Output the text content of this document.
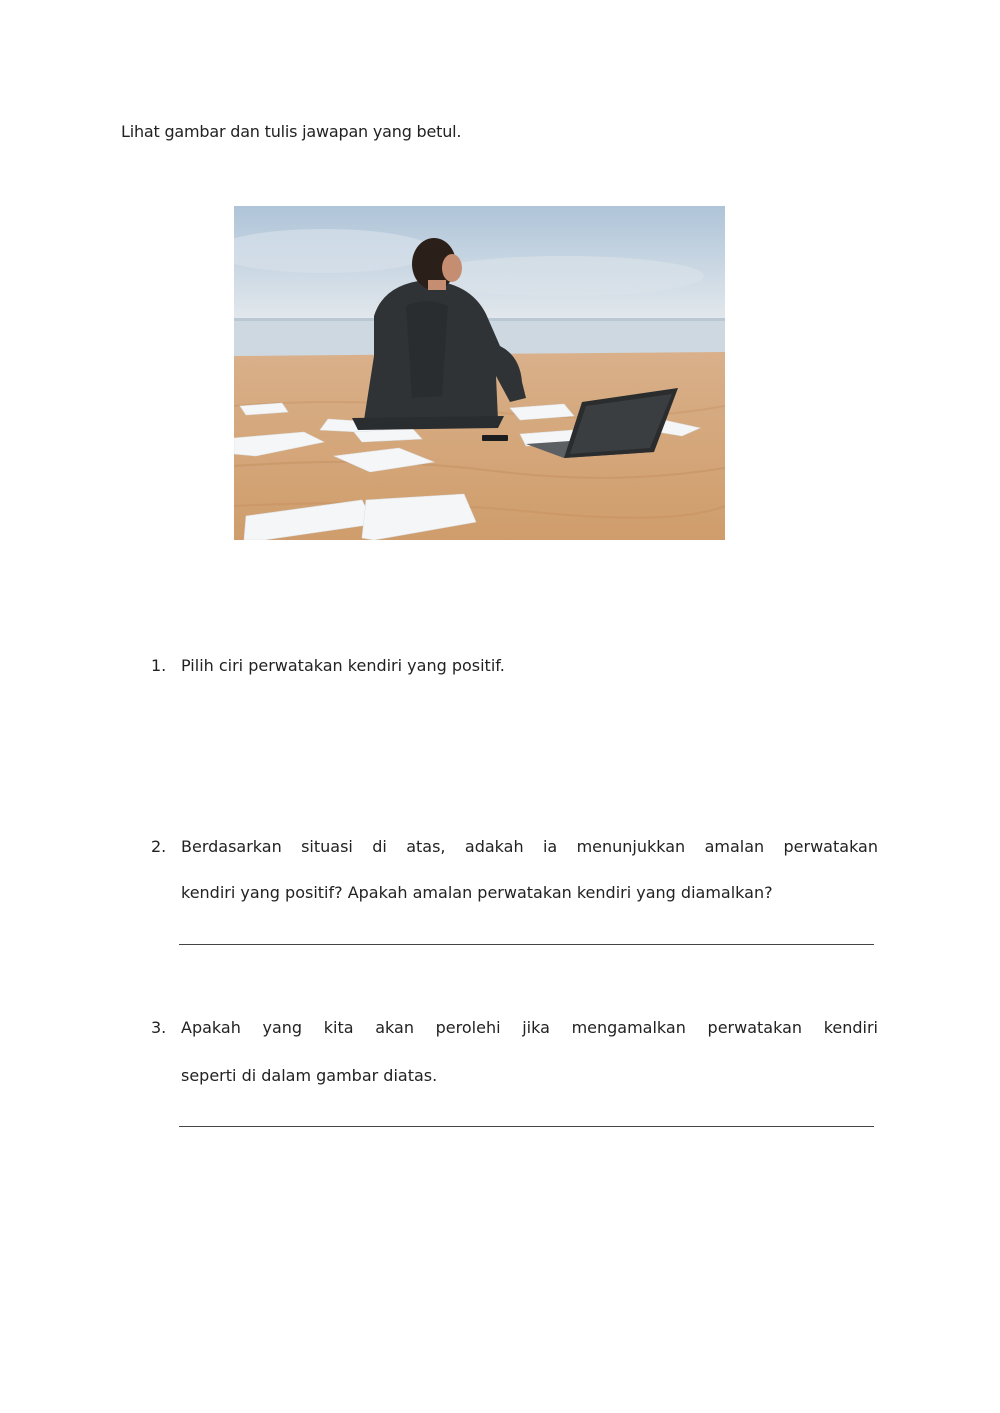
Lihat gambar dan tulis jawapan yang betul.
1. Pilih ciri perwatakan kendiri yang positif.
2. Berdasarkan situasi di atas, adakah ia menunjukkan amalan perwatakan
kendiri yang positif? Apakah amalan perwatakan kendiri yang diamalkan?
3. Apakah yang kita akan perolehi jika mengamalkan perwatakan kendiri
seperti di dalam gambar diatas.
